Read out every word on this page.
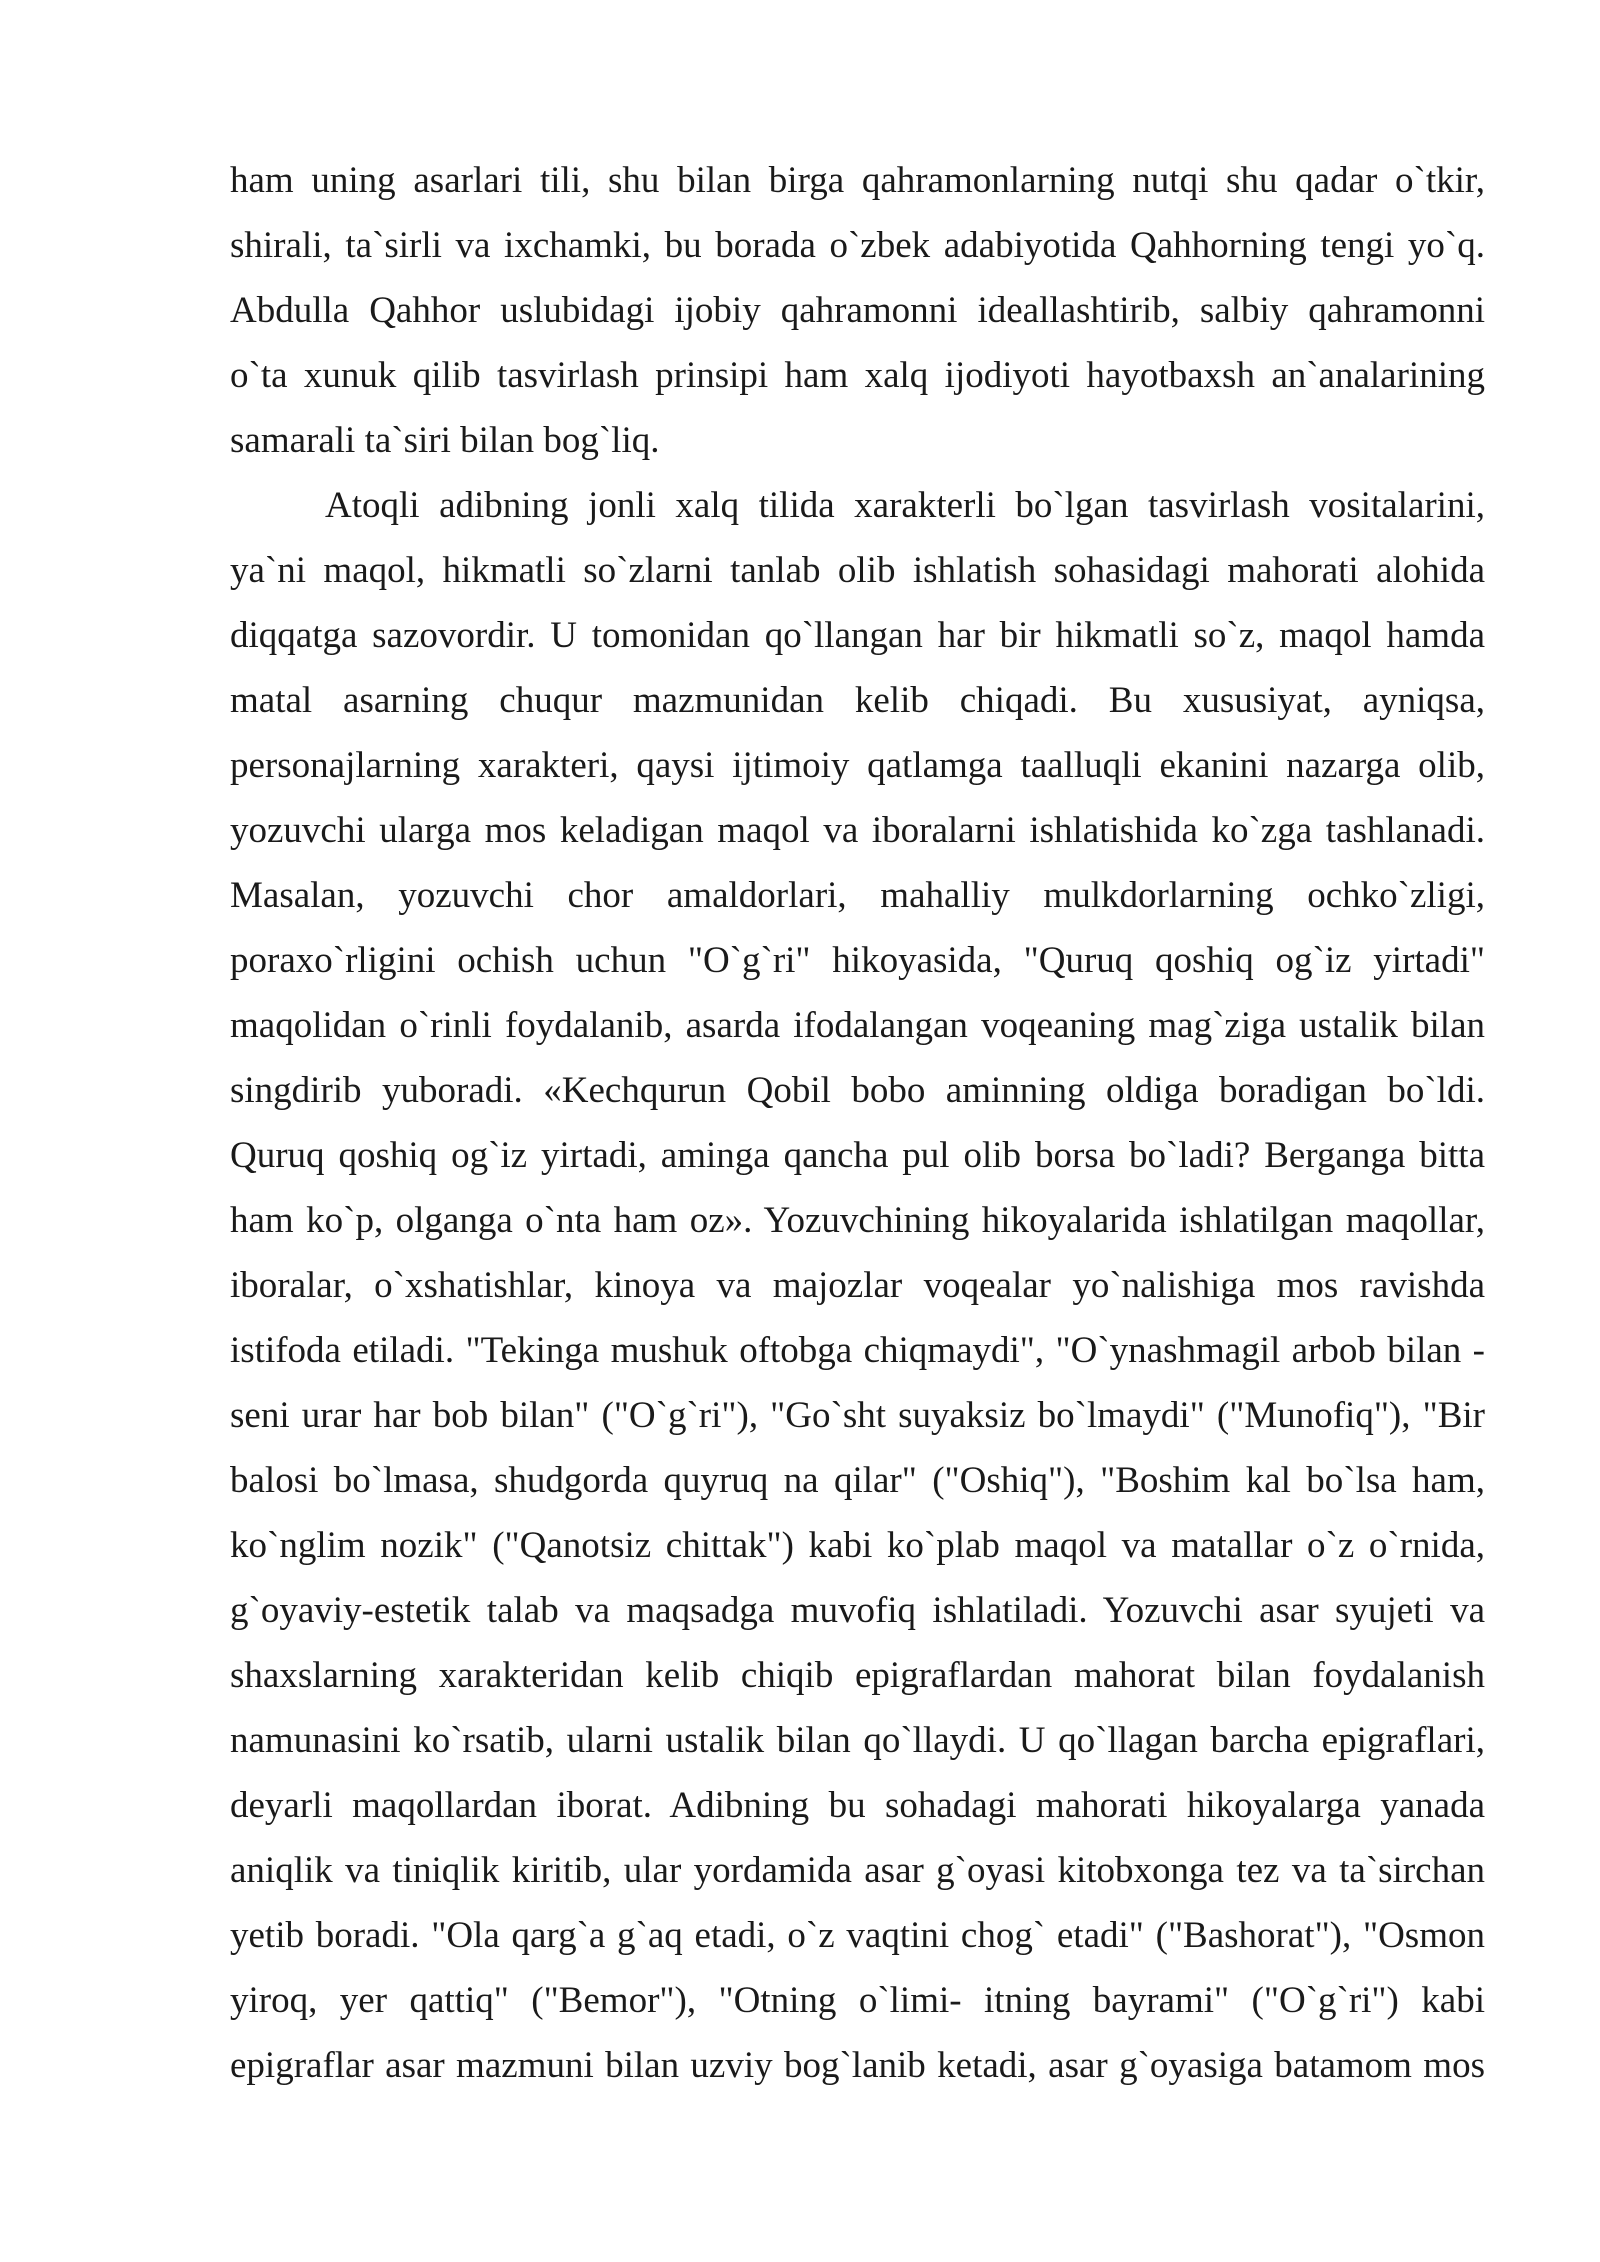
ham uning asarlari tili, shu bilan birga qahramonlarning nutqi shu qadar o`tkir,
shirali, ta`sirli va ixchamki, bu borada o`zbek adabiyotida Qahhorning tengi yo`q.
Abdulla Qahhor uslubidagi ijobiy qahramonni ideallashtirib, salbiy qahramonni
o`ta xunuk qilib tasvirlash prinsipi ham xalq ijodiyoti hayotbaxsh an`analarining
samarali ta`siri bilan bog`liq.
Atoqli adibning jonli xalq tilida xarakterli bo`lgan tasvirlash vositalarini,
ya`ni maqol, hikmatli so`zlarni tanlab olib ishlatish sohasidagi mahorati alohida
diqqatga sazovordir. U tomonidan qo`llangan har bir hikmatli so`z, maqol hamda
matal asarning chuqur mazmunidan kelib chiqadi. Bu xususiyat, ayniqsa,
personajlarning xarakteri, qaysi ijtimoiy qatlamga taalluqli ekanini nazarga olib,
yozuvchi ularga mos keladigan maqol va iboralarni ishlatishida ko`zga tashlanadi.
Masalan, yozuvchi chor amaldorlari, mahalliy mulkdorlarning ochko`zligi,
poraxo`rligini ochish uchun "O`g`ri" hikoyasida, "Quruq qoshiq og`iz yirtadi"
maqolidan o`rinli foydalanib, asarda ifodalangan voqeaning mag`ziga ustalik bilan
singdirib yuboradi. «Kechqurun Qobil bobo aminning oldiga boradigan bo`ldi.
Quruq qoshiq og`iz yirtadi, aminga qancha pul olib borsa bo`ladi? Berganga bitta
ham ko`p, olganga o`nta ham oz». Yozuvchining hikoyalarida ishlatilgan maqollar,
iboralar, o`xshatishlar, kinoya va majozlar voqealar yo`nalishiga mos ravishda
istifoda etiladi. "Tekinga mushuk oftobga chiqmaydi", "O`ynashmagil arbob bilan -
seni urar har bob bilan" ("O`g`ri"), "Go`sht suyaksiz bo`lmaydi" ("Munofiq"), "Bir
balosi bo`lmasa, shudgorda quyruq na qilar" ("Oshiq"), "Boshim kal bo`lsa ham,
ko`nglim nozik" ("Qanotsiz chittak") kabi ko`plab maqol va matallar o`z o`rnida,
g`oyaviy-estetik talab va maqsadga muvofiq ishlatiladi. Yozuvchi asar syujeti va
shaxslarning xarakteridan kelib chiqib epigraflardan mahorat bilan foydalanish
namunasini ko`rsatib, ularni ustalik bilan qo`llaydi. U qo`llagan barcha epigraflari,
deyarli maqollardan iborat. Adibning bu sohadagi mahorati hikoyalarga yanada
aniqlik va tiniqlik kiritib, ular yordamida asar g`oyasi kitobxonga tez va ta`sirchan
yetib boradi. "Ola qarg`a g`aq etadi, o`z vaqtini chog` etadi" ("Bashorat"), "Osmon
yiroq, yer qattiq" ("Bemor"), "Otning o`limi- itning bayrami" ("O`g`ri") kabi
epigraflar asar mazmuni bilan uzviy bog`lanib ketadi, asar g`oyasiga batamom mos
